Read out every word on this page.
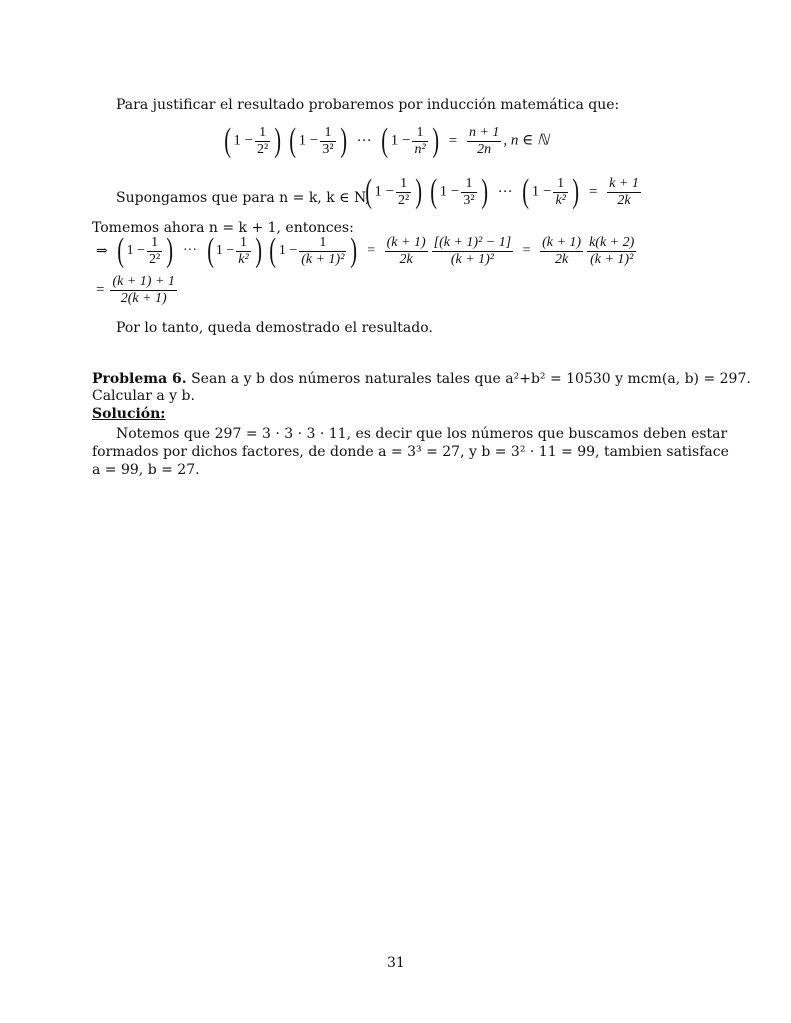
Para justificar el resultado probaremos por inducción matemática que:
( $1 - \frac{1}{\text{2²}}$ ) ( $1 - \frac{1}{\text{3²}}$ ) ··· ( $1 - \frac{1}{\text{n²}}$ ) = $\frac{n + 1}{2n}$ , n ∈ ℕ
Supongamos que para n = k, k ∈ N,
( $1 - \frac{1}{\text{2²}}$ ) ( $1 - \frac{1}{\text{3²}}$ ) ··· ( $1 - \frac{1}{\text{k²}}$ ) = $\frac{k + 1}{2k}$
Tomemos ahora n = k + 1, entonces:
⇒ ( $1 - \frac{1}{\text{2²}}$ ) ··· ( $1 - \frac{1}{\text{k²}}$ ) ( $1 - \frac{1}{\text{(k + 1)²}}$ ) = $\frac{(k + 1)}{2k} \frac{\text{[(k + 1)² − 1]}}{\text{(k + 1)²}} = \frac{(k + 1)}{2k} \frac{k(k + 2)}{\text{(k + 1)²}}$
= $\frac{(k + 1) + 1}{2(k + 1)}$
Por lo tanto, queda demostrado el resultado.
Problema 6. Sean a y b dos números naturales tales que a²+b² = 10530 y mcm(a, b) = 297.
Calcular a y b.
Solución:
Notemos que 297 = 3 · 3 · 3 · 11, es decir que los números que buscamos deben estar
formados por dichos factores, de donde a = 3³ = 27, y b = 3² · 11 = 99, tambien satisface
a = 99, b = 27.
31
